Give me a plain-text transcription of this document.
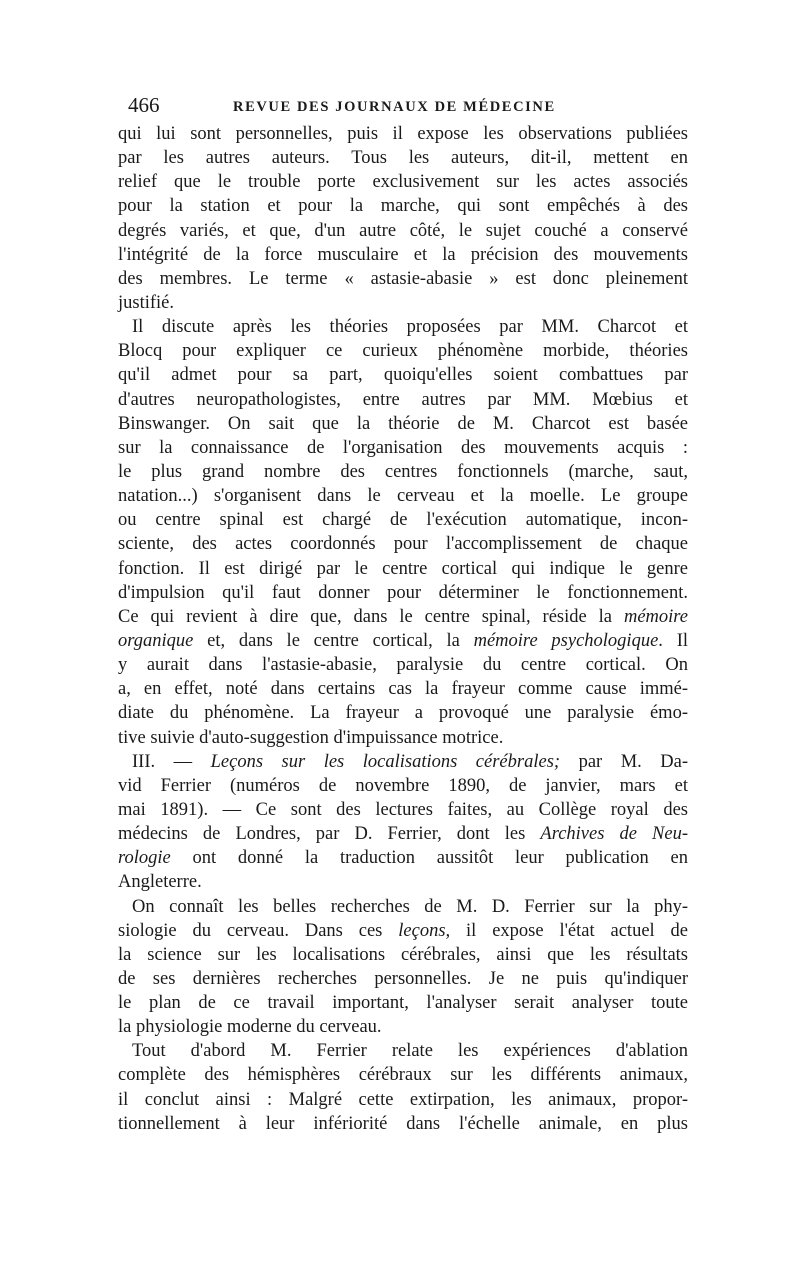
466	REVUE DES JOURNAUX DE MÉDECINE
qui lui sont personnelles, puis il expose les observations publiées
par les autres auteurs. Tous les auteurs, dit-il, mettent en
relief que le trouble porte exclusivement sur les actes associés
pour la station et pour la marche, qui sont empêchés à des
degrés variés, et que, d'un autre côté, le sujet couché a conservé
l'intégrité de la force musculaire et la précision des mouvements
des membres. Le terme « astasie-abasie » est donc pleinement
justifié.
Il discute après les théories proposées par MM. Charcot et
Blocq pour expliquer ce curieux phénomène morbide, théories
qu'il admet pour sa part, quoiqu'elles soient combattues par
d'autres neuropathologistes, entre autres par MM. Mœbius et
Binswanger. On sait que la théorie de M. Charcot est basée
sur la connaissance de l'organisation des mouvements acquis :
le plus grand nombre des centres fonctionnels (marche, saut,
natation...) s'organisent dans le cerveau et la moelle. Le groupe
ou centre spinal est chargé de l'exécution automatique, incon-
sciente, des actes coordonnés pour l'accomplissement de chaque
fonction. Il est dirigé par le centre cortical qui indique le genre
d'impulsion qu'il faut donner pour déterminer le fonctionnement.
Ce qui revient à dire que, dans le centre spinal, réside la mémoire
organique et, dans le centre cortical, la mémoire psychologique. Il
y aurait dans l'astasie-abasie, paralysie du centre cortical. On
a, en effet, noté dans certains cas la frayeur comme cause immé-
diate du phénomène. La frayeur a provoqué une paralysie émo-
tive suivie d'auto-suggestion d'impuissance motrice.
III. — Leçons sur les localisations cérébrales; par M. Da-
vid Ferrier (numéros de novembre 1890, de janvier, mars et
mai 1891). — Ce sont des lectures faites, au Collège royal des
médecins de Londres, par D. Ferrier, dont les Archives de Neu-
rologie ont donné la traduction aussitôt leur publication en
Angleterre.
On connaît les belles recherches de M. D. Ferrier sur la phy-
siologie du cerveau. Dans ces leçons, il expose l'état actuel de
la science sur les localisations cérébrales, ainsi que les résultats
de ses dernières recherches personnelles. Je ne puis qu'indiquer
le plan de ce travail important, l'analyser serait analyser toute
la physiologie moderne du cerveau.
Tout d'abord M. Ferrier relate les expériences d'ablation
complète des hémisphères cérébraux sur les différents animaux,
il conclut ainsi : Malgré cette extirpation, les animaux, propor-
tionnellement à leur infériorité dans l'échelle animale, en plus
